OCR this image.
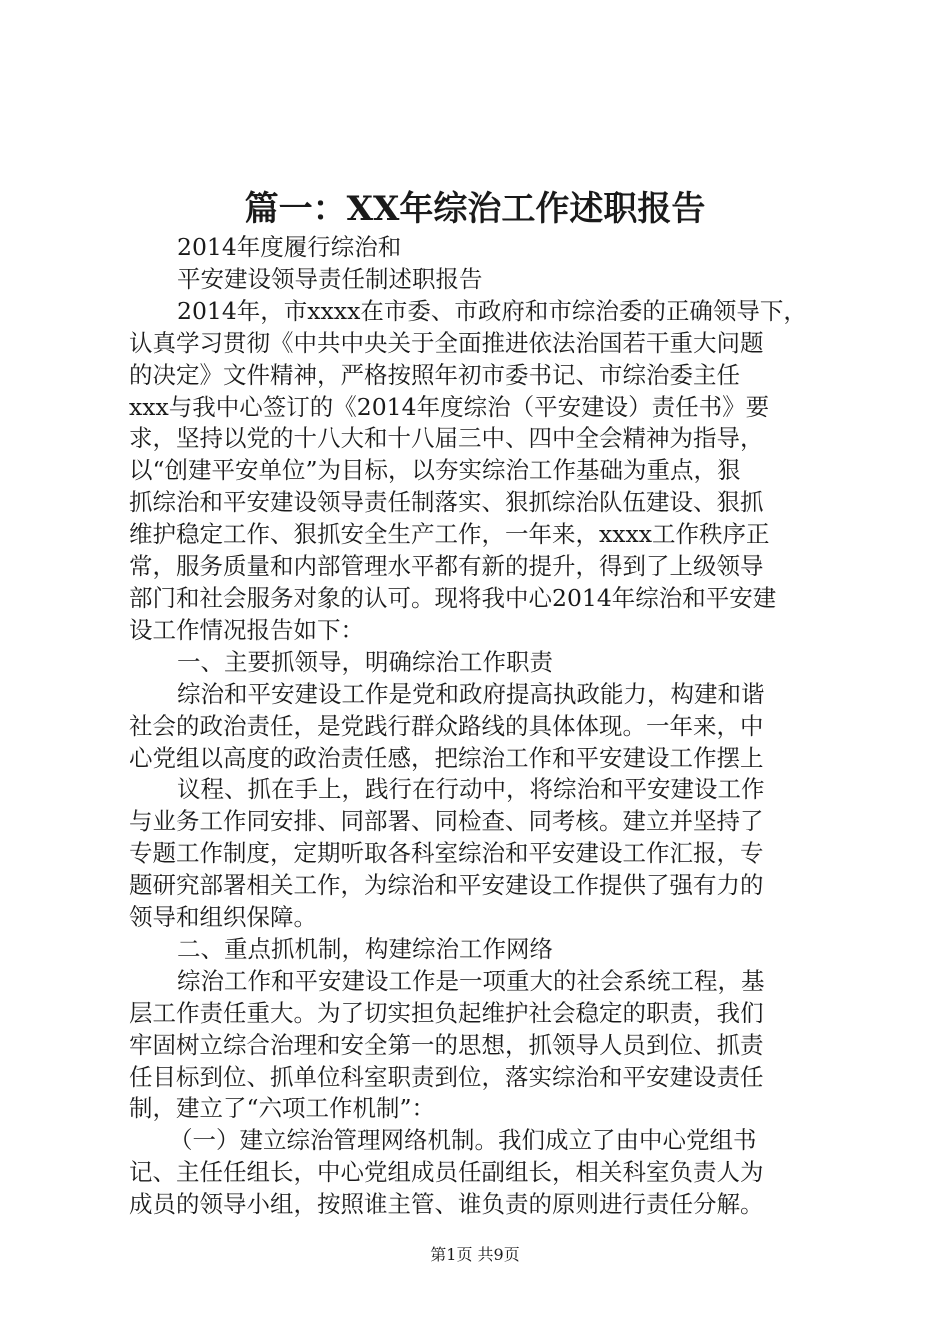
篇一：XX年综治工作述职报告

2014年度履行综治和

平安建设领导责任制述职报告

2014年，市xxxx在市委、市政府和市综治委的正确领导下，

认真学习贯彻《中共中央关于全面推进依法治国若干重大问题

的决定》文件精神，严格按照年初市委书记、市综治委主任

xxx与我中心签订的《2014年度综治（平安建设）责任书》要

求，坚持以党的十八大和十八届三中、四中全会精神为指导，

以“创建平安单位”为目标，以夯实综治工作基础为重点，狠

抓综治和平安建设领导责任制落实、狠抓综治队伍建设、狠抓

维护稳定工作、狠抓安全生产工作，一年来，xxxx工作秩序正

常，服务质量和内部管理水平都有新的提升，得到了上级领导

部门和社会服务对象的认可。现将我中心2014年综治和平安建

设工作情况报告如下：

一、主要抓领导，明确综治工作职责

综治和平安建设工作是党和政府提高执政能力，构建和谐

社会的政治责任，是党践行群众路线的具体体现。一年来，中

心党组以高度的政治责任感，把综治工作和平安建设工作摆上

议程、抓在手上，践行在行动中，将综治和平安建设工作

与业务工作同安排、同部署、同检查、同考核。建立并坚持了

专题工作制度，定期听取各科室综治和平安建设工作汇报，专

题研究部署相关工作，为综治和平安建设工作提供了强有力的

领导和组织保障。

二、重点抓机制，构建综治工作网络

综治工作和平安建设工作是一项重大的社会系统工程，基

层工作责任重大。为了切实担负起维护社会稳定的职责，我们

牢固树立综合治理和安全第一的思想，抓领导人员到位、抓责

任目标到位、抓单位科室职责到位，落实综治和平安建设责任

制，建立了“六项工作机制”：

（一）建立综治管理网络机制。我们成立了由中心党组书

记、主任任组长，中心党组成员任副组长，相关科室负责人为

成员的领导小组，按照谁主管、谁负责的原则进行责任分解。

第1页 共9页
